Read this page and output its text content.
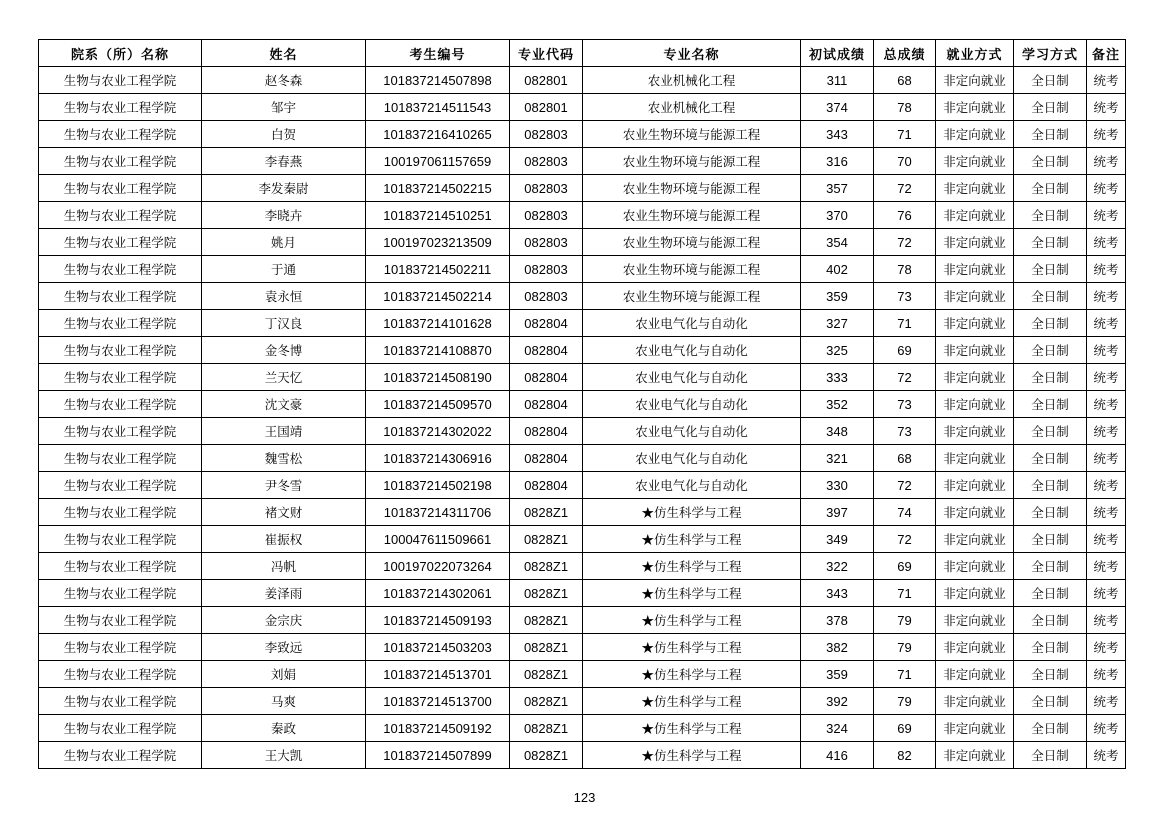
院系（所）名称	姓名	考生编号	专业代码	专业名称	初试成绩	总成绩	就业方式	学习方式	备注
生物与农业工程学院	赵冬森	101837214507898	082801	农业机械化工程	311	68	非定向就业	全日制	统考
生物与农业工程学院	邹宇	101837214511543	082801	农业机械化工程	374	78	非定向就业	全日制	统考
生物与农业工程学院	白贺	101837216410265	082803	农业生物环境与能源工程	343	71	非定向就业	全日制	统考
生物与农业工程学院	李春燕	100197061157659	082803	农业生物环境与能源工程	316	70	非定向就业	全日制	统考
生物与农业工程学院	李发秦尉	101837214502215	082803	农业生物环境与能源工程	357	72	非定向就业	全日制	统考
生物与农业工程学院	李晓卉	101837214510251	082803	农业生物环境与能源工程	370	76	非定向就业	全日制	统考
生物与农业工程学院	姚月	100197023213509	082803	农业生物环境与能源工程	354	72	非定向就业	全日制	统考
生物与农业工程学院	于通	101837214502211	082803	农业生物环境与能源工程	402	78	非定向就业	全日制	统考
生物与农业工程学院	袁永恒	101837214502214	082803	农业生物环境与能源工程	359	73	非定向就业	全日制	统考
生物与农业工程学院	丁汉良	101837214101628	082804	农业电气化与自动化	327	71	非定向就业	全日制	统考
生物与农业工程学院	金冬博	101837214108870	082804	农业电气化与自动化	325	69	非定向就业	全日制	统考
生物与农业工程学院	兰天忆	101837214508190	082804	农业电气化与自动化	333	72	非定向就业	全日制	统考
生物与农业工程学院	沈文豪	101837214509570	082804	农业电气化与自动化	352	73	非定向就业	全日制	统考
生物与农业工程学院	王国靖	101837214302022	082804	农业电气化与自动化	348	73	非定向就业	全日制	统考
生物与农业工程学院	魏雪松	101837214306916	082804	农业电气化与自动化	321	68	非定向就业	全日制	统考
生物与农业工程学院	尹冬雪	101837214502198	082804	农业电气化与自动化	330	72	非定向就业	全日制	统考
生物与农业工程学院	褚文财	101837214311706	0828Z1	★仿生科学与工程	397	74	非定向就业	全日制	统考
生物与农业工程学院	崔振权	100047611509661	0828Z1	★仿生科学与工程	349	72	非定向就业	全日制	统考
生物与农业工程学院	冯帆	100197022073264	0828Z1	★仿生科学与工程	322	69	非定向就业	全日制	统考
生物与农业工程学院	姜泽雨	101837214302061	0828Z1	★仿生科学与工程	343	71	非定向就业	全日制	统考
生物与农业工程学院	金宗庆	101837214509193	0828Z1	★仿生科学与工程	378	79	非定向就业	全日制	统考
生物与农业工程学院	李致远	101837214503203	0828Z1	★仿生科学与工程	382	79	非定向就业	全日制	统考
生物与农业工程学院	刘娟	101837214513701	0828Z1	★仿生科学与工程	359	71	非定向就业	全日制	统考
生物与农业工程学院	马爽	101837214513700	0828Z1	★仿生科学与工程	392	79	非定向就业	全日制	统考
生物与农业工程学院	秦政	101837214509192	0828Z1	★仿生科学与工程	324	69	非定向就业	全日制	统考
生物与农业工程学院	王大凯	101837214507899	0828Z1	★仿生科学与工程	416	82	非定向就业	全日制	统考
123
